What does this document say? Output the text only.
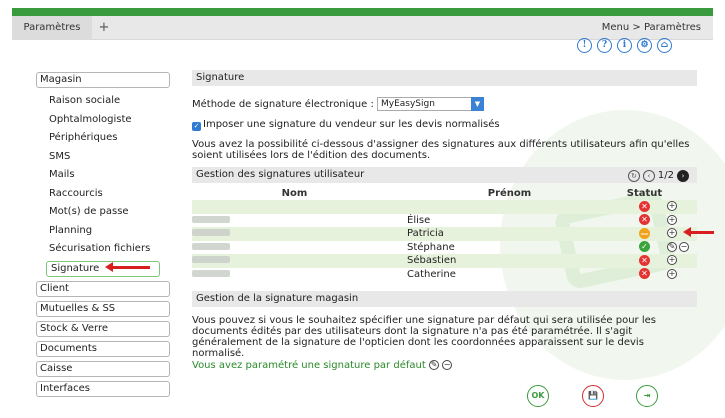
Paramètres	+	Menu > Paramètres
!	?	i	⚙	⌂
Magasin
Raison sociale
Ophtalmologiste
Périphériques
SMS
Mails
Raccourcis
Mot(s) de passe
Planning
Sécurisation fichiers
Signature
Client
Mutuelles & SS
Stock & Verre
Documents
Caisse
Interfaces
Signature
Méthode de signature électronique : MyEasySign	▼
✓ Imposer une signature du vendeur sur les devis normalisés
Vous avez la possibilité ci-dessous d'assigner des signatures aux différents utilisateurs afin qu'elles soient utilisées lors de l'édition des documents.
Gestion des signatures utilisateur	↻	‹ 1/2	›
Nom	Prénom	Statut	
		✕	+
	Élise	✕	+
	Patricia	—	+
	Stéphane	✓	✎ −
	Sébastien	✕	+
	Catherine	✕	+
Gestion de la signature magasin
Vous pouvez si vous le souhaitez spécifier une signature par défaut qui sera utilisée pour les documents édités par des utilisateurs dont la signature n'a pas été paramétrée. Il s'agit généralement de la signature de l'opticien dont les coordonnées apparaissent sur le devis normalisé.
Vous avez paramétré une signature par défaut ✎ −
OK	💾	⇥
